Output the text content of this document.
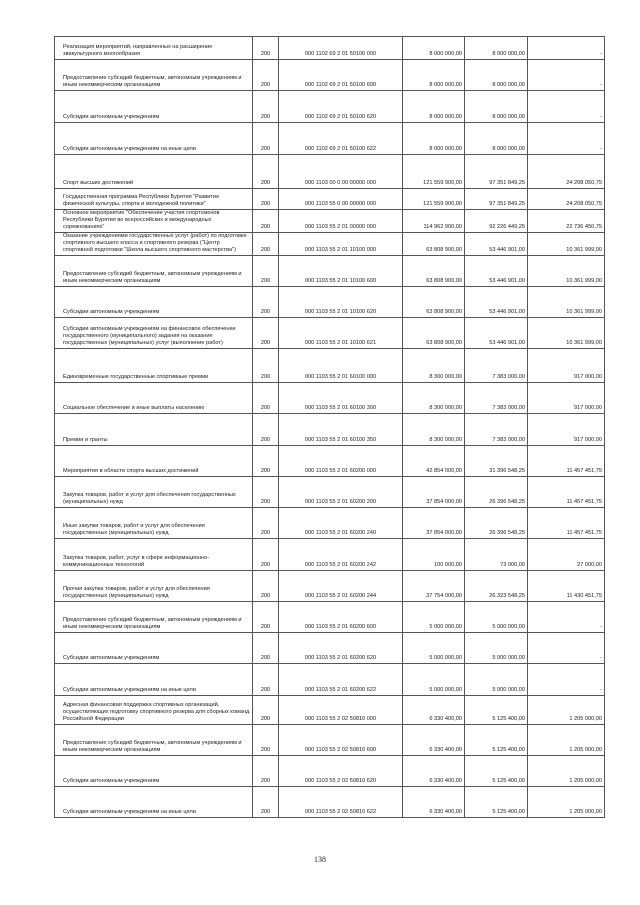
Реализация мероприятий, направленных на расширение звакультурного многообразия	200	000 1102 69 2 01 50100 000	8 000 000,00	8 000 000,00	-

Предоставление субсидий бюджетным, автономным учреждениям и иным некоммерческим организациям	200	000 1102 69 2 01 50100 600	8 000 000,00	8 000 000,00	-

Субсидии автономным учреждениям	200	000 1102 69 2 01 50100 620	8 000 000,00	8 000 000,00	-

Субсидии автономным учреждениям на иные цели	200	000 1102 69 2 01 50100 622	8 000 000,00	8 000 000,00	-

Спорт высших достижений	200	000 1103 00 0 00 00000 000	121 559 900,00	97 351 849,25	24 208 050,75

Государственная программа Республики Бурятия "Развитие физической культуры, спорта и молодежной политики"	200	000 1103 55 0 00 00000 000	121 559 900,00	97 351 849,25	24 208 050,75

Основное мероприятие "Обеспечение участия спортсменов Республики Бурятия во всероссийских и международных соревнованиях"	200	000 1103 55 2 01 00000 000	114 962 900,00	92 226 449,25	22 736 450,75

Оказание учреждениями государственных услуг (работ) по подготовке спортивного высшего класса и спортивного резерва ("Центр спортивной подготовки "Школа высшего спортивного мастерства")	200	000 1103 55 2 01 10100 000	63 808 900,00	53 446 901,00	10 361 999,00

Предоставление субсидий бюджетным, автономным учреждениям и иным некоммерческим организациям	200	000 1103 55 2 01 10100 600	63 808 900,00	53 446 901,00	10 361 999,00

Субсидии автономным учреждениям	200	000 1103 55 2 01 10100 620	63 808 900,00	53 446 901,00	10 361 999,00

Субсидии автономным учреждениям на финансовое обеспечение государственного (муниципального) задания на оказание государственных (муниципальных) услуг (выполнение работ)	200	000 1103 55 2 01 10100 621	63 808 900,00	53 446 901,00	10 361 999,00

Единовременные государственные спортивные премии	200	000 1103 55 2 01 60100 000	8 300 000,00	7 383 000,00	917 000,00

Социальное обеспечение и иные выплаты населению	200	000 1103 55 2 01 60100 300	8 300 000,00	7 383 000,00	917 000,00

Премии и гранты	200	000 1103 55 2 01 60100 350	8 300 000,00	7 383 000,00	917 000,00

Мероприятия в области спорта высших достижений	200	000 1103 55 2 01 60200 000	42 854 000,00	31 396 548,25	11 457 451,75

Закупка товаров, работ и услуг для обеспечения государственных (муниципальных) нужд	200	000 1103 55 2 01 60200 200	37 854 000,00	26 396 548,25	11 457 451,75

Иные закупки товаров, работ и услуг для обеспечения государственных (муниципальных) нужд	200	000 1103 55 2 01 60200 240	37 854 000,00	26 396 548,25	11 457 451,75

Закупка товаров, работ, услуг в сфере информационно-коммуникационных технологий	200	000 1103 55 2 01 60200 242	100 000,00	73 000,00	27 000,00

Прочая закупка товаров, работ и услуг для обеспечения государственных (муниципальных) нужд	200	000 1103 55 2 01 60200 244	37 754 000,00	26 323 548,25	11 430 451,75

Предоставление субсидий бюджетным, автономным учреждениям и иным некоммерческим организациям	200	000 1103 55 2 01 60200 600	5 000 000,00	5 000 000,00	-

Субсидии автономным учреждениям	200	000 1103 55 2 01 60200 620	5 000 000,00	5 000 000,00	-

Субсидии автономным учреждениям на иные цели	200	000 1103 55 2 01 60200 622	5 000 000,00	5 000 000,00	-

Адресная финансовая поддержка спортивных организаций, осуществляющих подготовку спортивного резерва для сборных команд Российской Федерации	200	000 1103 55 2 02 50810 000	6 330 400,00	5 125 400,00	1 205 000,00

Предоставление субсидий бюджетным, автономным учреждениям и иным некоммерческим организациям	200	000 1103 55 2 02 50810 600	6 330 400,00	5 125 400,00	1 205 000,00

Субсидии автономным учреждениям	200	000 1103 55 2 02 50810 620	6 330 400,00	5 125 400,00	1 205 000,00

Субсидии автономным учреждениям на иные цели	200	000 1103 55 2 02 50810 622	6 330 400,00	5 125 400,00	1 205 000,00
138
